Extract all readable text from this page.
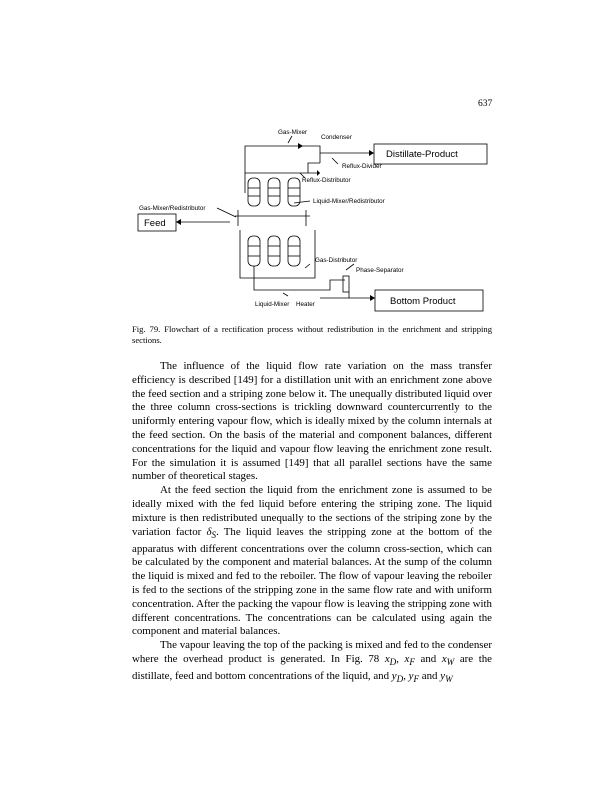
637
Gas-Mixer
Condenser
Distillate-Product
Reflux-Divider
Reflux-Distributor
Liquid-Mixer/Redistributor
Gas-Mixer/Redistributor
Feed
Gas-Distributor
Phase-Separator
Liquid-Mixer Heater	Bottom Product
Fig. 79. Flowchart of a rectification process without redistribution in the enrichment and stripping sections.

The influence of the liquid flow rate variation on the mass transfer efficiency is described [149] for a distillation unit with an enrichment zone above the feed section and a striping zone below it. The unequally distributed liquid over the three column cross-sections is trickling downward countercurrently to the uniformly entering vapour flow, which is ideally mixed by the column internals at the feed section. On the basis of the material and component balances, different concentrations for the liquid and vapour flow leaving the enrichment zone result. For the simulation it is assumed [149] that all parallel sections have the same number of theoretical stages.

At the feed section the liquid from the enrichment zone is assumed to be ideally mixed with the fed liquid before entering the striping zone. The liquid mixture is then redistributed unequally to the sections of the striping zone by the variation factor $\delta_S$. The liquid leaves the stripping zone at the bottom of the apparatus with different concentrations over the column cross-section, which can be calculated by the component and material balances. At the sump of the column the liquid is mixed and fed to the reboiler. The flow of vapour leaving the reboiler is fed to the sections of the stripping zone in the same flow rate and with uniform concentration. After the packing the vapour flow is leaving the stripping zone with different concentrations. The concentrations can be calculated using again the component and material balances.

The vapour leaving the top of the packing is mixed and fed to the condenser where the overhead product is generated. In Fig. 78 $x_D$, $x_F$ and $x_W$ are the distillate, feed and bottom concentrations of the liquid, and $y_D$, $y_F$ and $y_W$
